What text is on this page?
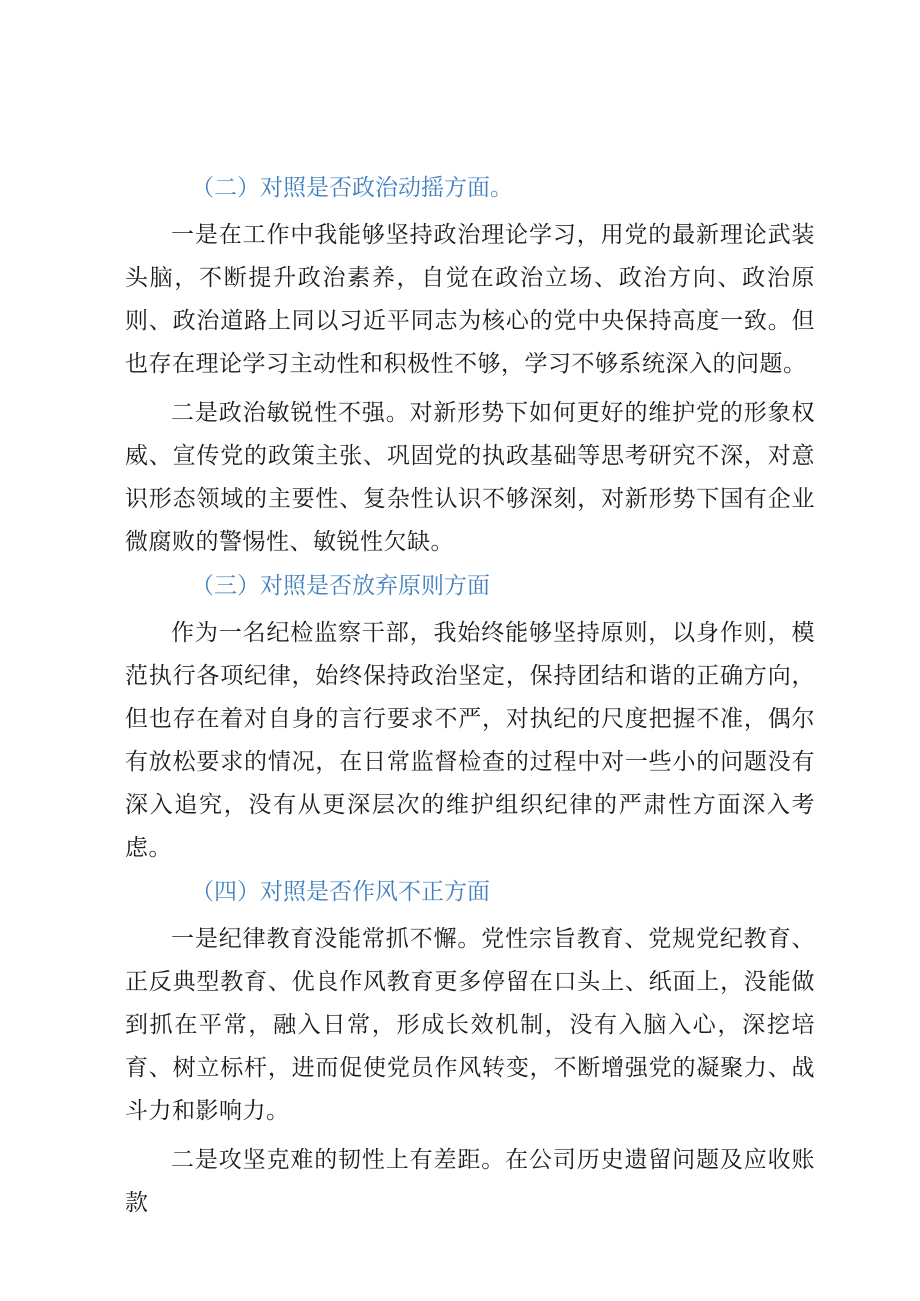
（二）对照是否政治动摇方面。

一是在工作中我能够坚持政治理论学习，用党的最新理论武装头脑，不断提升政治素养，自觉在政治立场、政治方向、政治原则、政治道路上同以习近平同志为核心的党中央保持高度一致。但也存在理论学习主动性和积极性不够，学习不够系统深入的问题。

二是政治敏锐性不强。对新形势下如何更好的维护党的形象权威、宣传党的政策主张、巩固党的执政基础等思考研究不深，对意识形态领域的主要性、复杂性认识不够深刻，对新形势下国有企业微腐败的警惕性、敏锐性欠缺。

（三）对照是否放弃原则方面

作为一名纪检监察干部，我始终能够坚持原则，以身作则，模范执行各项纪律，始终保持政治坚定，保持团结和谐的正确方向，但也存在着对自身的言行要求不严，对执纪的尺度把握不准，偶尔有放松要求的情况，在日常监督检查的过程中对一些小的问题没有深入追究，没有从更深层次的维护组织纪律的严肃性方面深入考虑。

（四）对照是否作风不正方面

一是纪律教育没能常抓不懈。党性宗旨教育、党规党纪教育、正反典型教育、优良作风教育更多停留在口头上、纸面上，没能做到抓在平常，融入日常，形成长效机制，没有入脑入心，深挖培育、树立标杆，进而促使党员作风转变，不断增强党的凝聚力、战斗力和影响力。

二是攻坚克难的韧性上有差距。在公司历史遗留问题及应收账款
